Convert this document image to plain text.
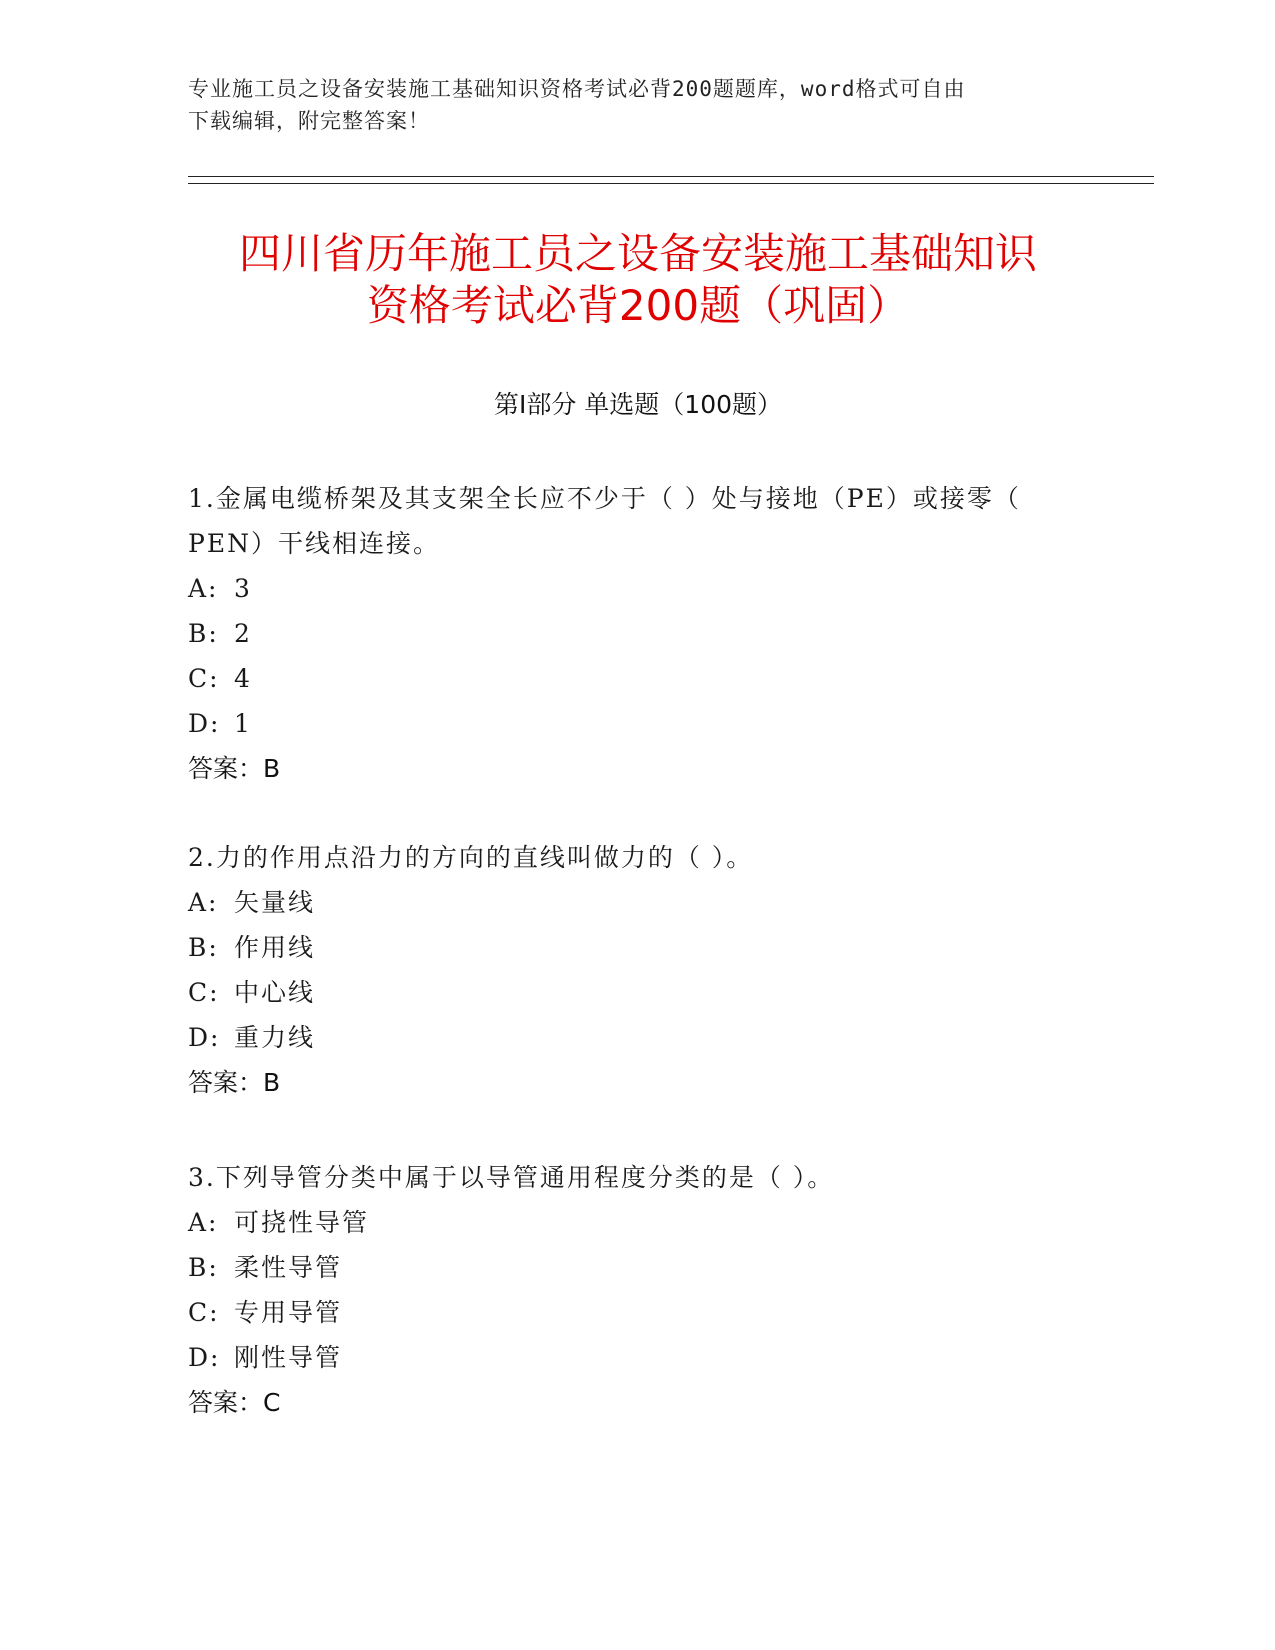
专业施工员之设备安装施工基础知识资格考试必背200题题库，word格式可自由
下载编辑，附完整答案！
四川省历年施工员之设备安装施工基础知识
资格考试必背200题（巩固）
第Ⅰ部分 单选题（100题）
1.金属电缆桥架及其支架全长应不少于（ ）处与接地（PE）或接零（
PEN）干线相连接。
A: 3
B: 2
C: 4
D: 1
答案：B
2.力的作用点沿力的方向的直线叫做力的（ ）。
A: 矢量线
B: 作用线
C: 中心线
D: 重力线
答案：B
3.下列导管分类中属于以导管通用程度分类的是（ ）。
A: 可挠性导管
B: 柔性导管
C: 专用导管
D: 刚性导管
答案：C
